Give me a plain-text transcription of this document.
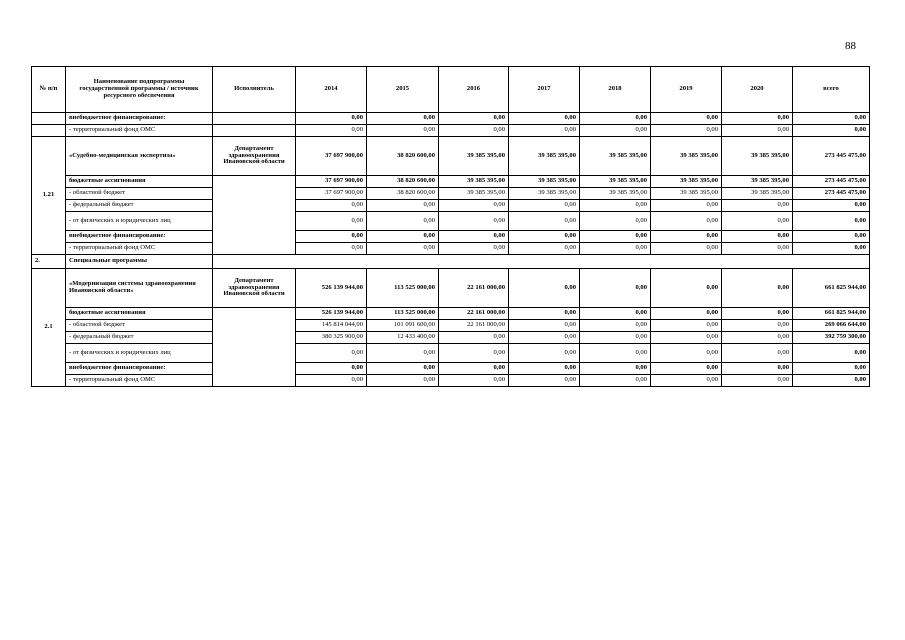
88
№ п/п	Наименование подпрограммы государственной программы / источник ресурсного обеспечения	Исполнитель	2014	2015	2016	2017	2018	2019	2020	всего
	внебюджетное финансирование:		0,00	0,00	0,00	0,00	0,00	0,00	0,00	0,00
	- территориальный фонд ОМС		0,00	0,00	0,00	0,00	0,00	0,00	0,00	0,00
1.21	«Судебно-медицинская экспертиза»	Департамент здравоохранения Ивановской области	37 697 900,00	38 820 600,00	39 385 395,00	39 385 395,00	39 385 395,00	39 385 395,00	39 385 395,00	273 445 475,00
	бюджетные ассигнования		37 697 900,00	38 820 600,00	39 385 395,00	39 385 395,00	39 385 395,00	39 385 395,00	39 385 395,00	273 445 475,00
	- областной бюджет		37 697 900,00	38 820 600,00	39 385 395,00	39 385 395,00	39 385 395,00	39 385 395,00	39 385 395,00	273 445 475,00
	- федеральный бюджет		0,00	0,00	0,00	0,00	0,00	0,00	0,00	0,00
	- от физических и юридических лиц		0,00	0,00	0,00	0,00	0,00	0,00	0,00	0,00
	внебюджетное финансирование:		0,00	0,00	0,00	0,00	0,00	0,00	0,00	0,00
	- территориальный фонд ОМС		0,00	0,00	0,00	0,00	0,00	0,00	0,00	0,00
2.	Специальные программы									
2.1	«Модернизация системы здравоохранения Ивановской области»	Департамент здравоохранения Ивановской области	526 139 944,00	113 525 000,00	22 161 000,00	0,00	0,00	0,00	0,00	661 825 944,00
	бюджетные ассигнования		526 139 944,00	113 525 000,00	22 161 000,00	0,00	0,00	0,00	0,00	661 825 944,00
	- областной бюджет		145 814 044,00	101 091 600,00	22 161 000,00	0,00	0,00	0,00	0,00	269 066 644,00
	- федеральный бюджет		380 325 900,00	12 433 400,00	0,00	0,00	0,00	0,00	0,00	392 759 300,00
	- от физических и юридических лиц		0,00	0,00	0,00	0,00	0,00	0,00	0,00	0,00
	внебюджетное финансирование:		0,00	0,00	0,00	0,00	0,00	0,00	0,00	0,00
	- территориальный фонд ОМС		0,00	0,00	0,00	0,00	0,00	0,00	0,00	0,00
